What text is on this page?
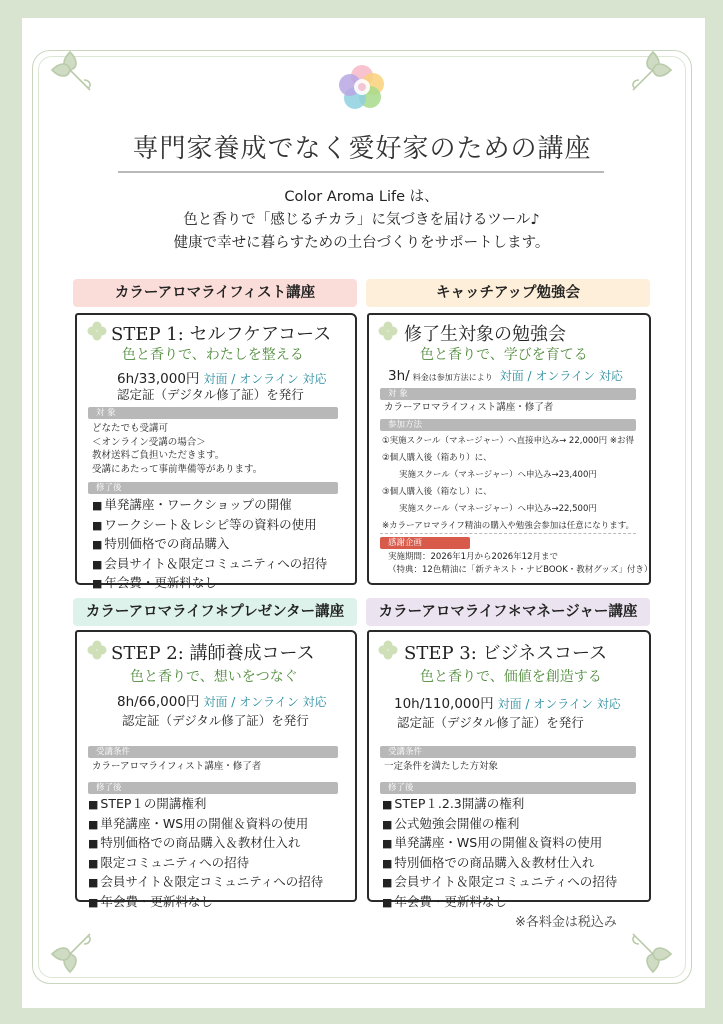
専門家養成でなく愛好家のための講座
Color Aroma Life は、
色と香りで「感じるチカラ」に気づきを届けるツール♪
健康で幸せに暮らすための土台づくりをサポートします。
カラーアロマライフィスト講座	キャッチアップ勉強会
STEP 1: セルフケアコース
色と香りで、わたしを整える
6h/33,000円 対面 / オンライン 対応
認定証（デジタル修了証）を発行
対 象
どなたでも受講可
＜オンライン受講の場合＞
教材送料ご負担いただきます。
受講にあたって事前準備等があります。
修了後
■ 単発講座・ワークショップの開催
■ ワークシート＆レシピ等の資料の使用
■ 特別価格での商品購入
■ 会員サイト＆限定コミュニティへの招待
■ 年会費・更新料なし
修了生対象の勉強会
色と香りで、学びを育てる
3h/ 料金は参加方法により 対面 / オンライン 対応
対 象
カラーアロマライフィスト講座・修了者
参加方法
①実施スクール（マネージャー）へ直接申込み→ 22,000円 ※お得
②個人購入後（箱あり）に、
　　実施スクール（マネージャー）へ申込み→23,400円
③個人購入後（箱なし）に、
　　実施スクール（マネージャー）へ申込み→22,500円
※カラーアロマライフ精油の購入や勉強会参加は任意になります。
感謝企画
実施期間：2026年1月から2026年12月まで
（特典：12色精油に「新テキスト・ナビBOOK・教材グッズ」付き）
カラーアロマライフ＊プレゼンター講座	カラーアロマライフ＊マネージャー講座
STEP 2: 講師養成コース
色と香りで、想いをつなぐ
8h/66,000円 対面 / オンライン 対応
認定証（デジタル修了証）を発行
受講条件
カラーアロマライフィスト講座・修了者
修了後
■ STEP１の開講権利
■ 単発講座・WS用の開催＆資料の使用
■ 特別価格での商品購入＆教材仕入れ
■ 限定コミュニティへの招待
■ 会員サイト＆限定コミュニティへの招待
■ 年会費・更新料なし
STEP 3: ビジネスコース
色と香りで、価値を創造する
10h/110,000円 対面 / オンライン 対応
認定証（デジタル修了証）を発行
受講条件
一定条件を満たした方対象
修了後
■ STEP１.2.3開講の権利
■ 公式勉強会開催の権利
■ 単発講座・WS用の開催＆資料の使用
■ 特別価格での商品購入＆教材仕入れ
■ 会員サイト＆限定コミュニティへの招待
■ 年会費・更新料なし
※各料金は税込み
